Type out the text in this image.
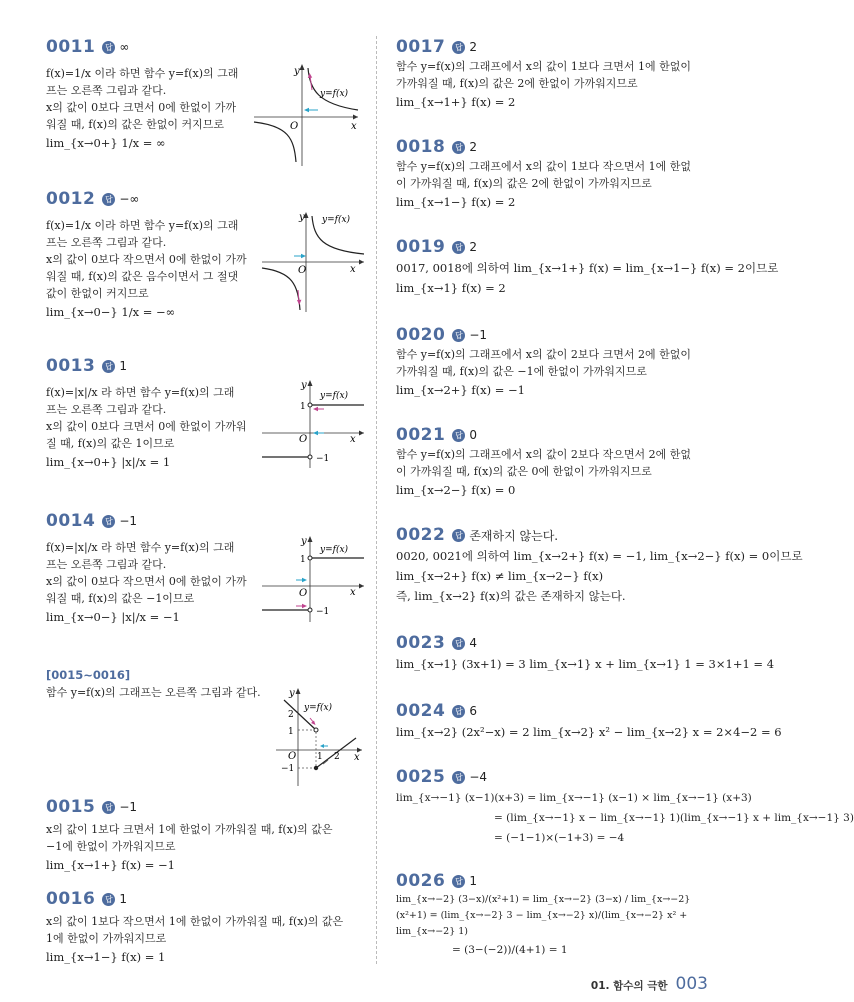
0011	답 ∞
f(x)=1/x 이라 하면 함수 y=f(x)의 그래
프는 오른쪽 그림과 같다.
x의 값이 0보다 크면서 0에 한없이 가까
워질 때, f(x)의 값은 한없이 커지므로
lim_{x→0+} 1/x = ∞
0012	답 −∞
f(x)=1/x 이라 하면 함수 y=f(x)의 그래
프는 오른쪽 그림과 같다.
x의 값이 0보다 작으면서 0에 한없이 가까
워질 때, f(x)의 값은 음수이면서 그 절댓
값이 한없이 커지므로
lim_{x→0−} 1/x = −∞
0013	답 1
f(x)=|x|/x 라 하면 함수 y=f(x)의 그래
프는 오른쪽 그림과 같다.
x의 값이 0보다 크면서 0에 한없이 가까워
질 때, f(x)의 값은 1이므로
lim_{x→0+} |x|/x = 1
0014	답 −1
f(x)=|x|/x 라 하면 함수 y=f(x)의 그래
프는 오른쪽 그림과 같다.
x의 값이 0보다 작으면서 0에 한없이 가까
워질 때, f(x)의 값은 −1이므로
lim_{x→0−} |x|/x = −1
[0015~0016]
함수 y=f(x)의 그래프는 오른쪽 그림과 같다.
0015	답 −1
x의 값이 1보다 크면서 1에 한없이 가까워질 때, f(x)의 값은
−1에 한없이 가까워지므로
lim_{x→1+} f(x) = −1
0016	답 1
x의 값이 1보다 작으면서 1에 한없이 가까워질 때, f(x)의 값은
1에 한없이 가까워지므로
lim_{x→1−} f(x) = 1
y
x
O
y=f(x)
y y=f(x)
x
O
y
y=f(x)
1
x
O
−1
y
y=f(x)
1
x
O
−1
y
y=f(x)
2
1
O 1 2 x
−1
0017	답 2
함수 y=f(x)의 그래프에서 x의 값이 1보다 크면서 1에 한없이
가까워질 때, f(x)의 값은 2에 한없이 가까워지므로
lim_{x→1+} f(x) = 2
0018	답 2
함수 y=f(x)의 그래프에서 x의 값이 1보다 작으면서 1에 한없
이 가까워질 때, f(x)의 값은 2에 한없이 가까워지므로
lim_{x→1−} f(x) = 2
0019	답 2
0017, 0018에 의하여 lim_{x→1+} f(x) = lim_{x→1−} f(x) = 2이므로
lim_{x→1} f(x) = 2
0020	답 −1
함수 y=f(x)의 그래프에서 x의 값이 2보다 크면서 2에 한없이
가까워질 때, f(x)의 값은 −1에 한없이 가까워지므로
lim_{x→2+} f(x) = −1
0021	답 0
함수 y=f(x)의 그래프에서 x의 값이 2보다 작으면서 2에 한없
이 가까워질 때, f(x)의 값은 0에 한없이 가까워지므로
lim_{x→2−} f(x) = 0
0022	답 존재하지 않는다.
0020, 0021에 의하여 lim_{x→2+} f(x) = −1, lim_{x→2−} f(x) = 0이므로
lim_{x→2+} f(x) ≠ lim_{x→2−} f(x)
즉, lim_{x→2} f(x)의 값은 존재하지 않는다.
0023	답 4
lim_{x→1} (3x+1) = 3 lim_{x→1} x + lim_{x→1} 1 = 3×1+1 = 4
0024	답 6
lim_{x→2} (2x²−x) = 2 lim_{x→2} x² − lim_{x→2} x = 2×4−2 = 6
0025	답 −4
lim_{x→−1} (x−1)(x+3) = lim_{x→−1} (x−1) × lim_{x→−1} (x+3)
= (lim_{x→−1} x − lim_{x→−1} 1)(lim_{x→−1} x + lim_{x→−1} 3)
= (−1−1)×(−1+3) = −4
0026	답 1
lim_{x→−2} (3−x)/(x²+1) = lim_{x→−2} (3−x) / lim_{x→−2} (x²+1) = (lim_{x→−2} 3 − lim_{x→−2} x)/(lim_{x→−2} x² + lim_{x→−2} 1)
= (3−(−2))/(4+1) = 1
01. 함수의 극한 003
